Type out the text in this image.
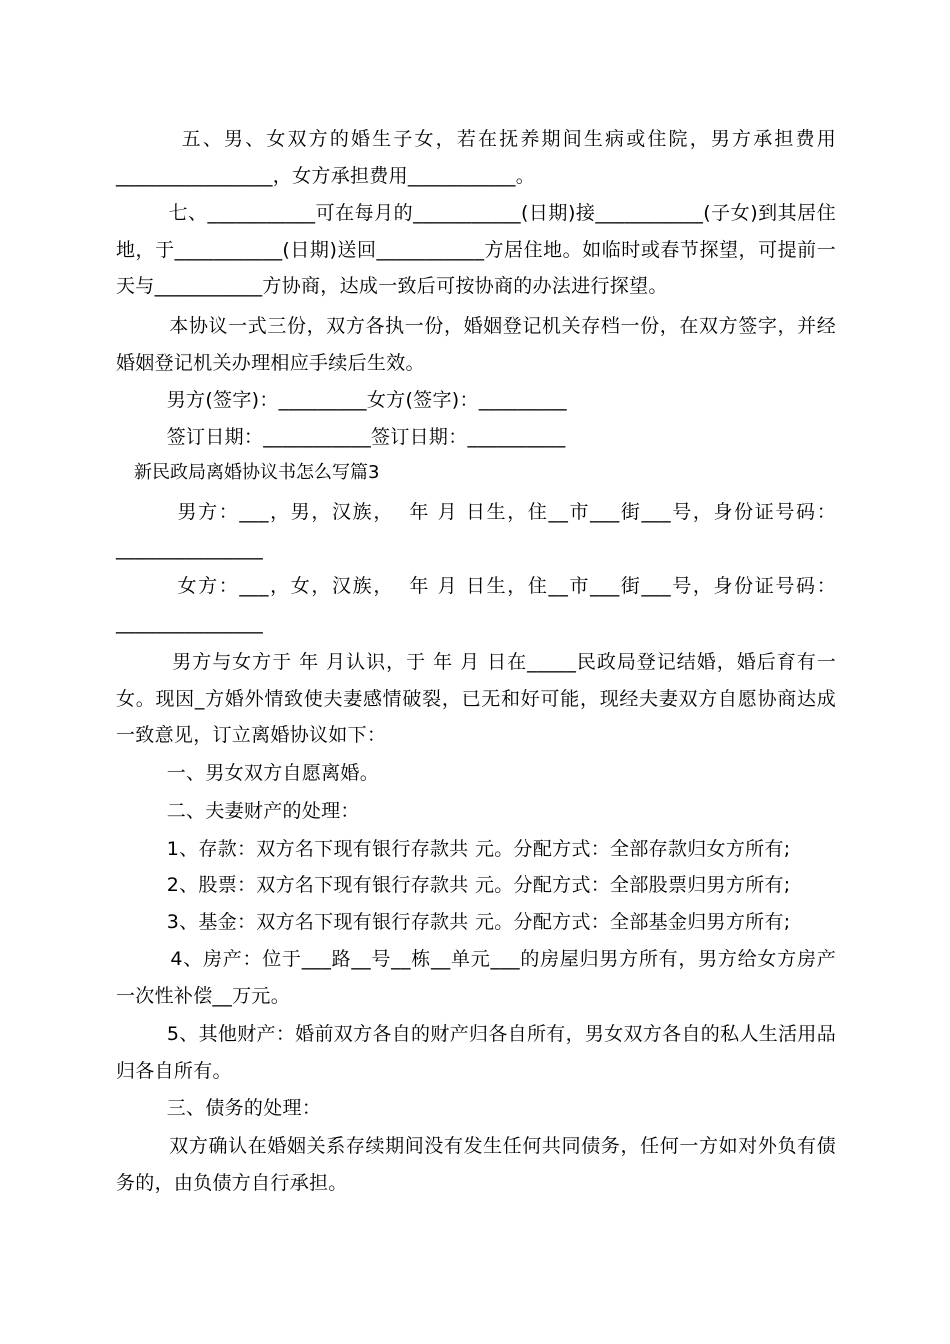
五、男、女双方的婚生子女，若在抚养期间生病或住院，男方承担费用________________，女方承担费用___________。
七、___________可在每月的___________(日期)接___________(子女)到其居住地，于___________(日期)送回___________方居住地。如临时或春节探望，可提前一天与___________方协商，达成一致后可按协商的办法进行探望。
本协议一式三份，双方各执一份，婚姻登记机关存档一份，在双方签字，并经婚姻登记机关办理相应手续后生效。
男方(签字)：_________女方(签字)：_________
签订日期：___________签订日期：__________
新民政局离婚协议书怎么写篇3
男方：___，男，汉族，  年 月 日生，住__市___街___号，身份证号码：_______________
女方：___，女，汉族，  年 月 日生，住__市___街___号，身份证号码：_______________
男方与女方于 年 月认识，于 年 月 日在_____民政局登记结婚，婚后育有一女。现因_方婚外情致使夫妻感情破裂，已无和好可能，现经夫妻双方自愿协商达成一致意见，订立离婚协议如下：
一、男女双方自愿离婚。
二、夫妻财产的处理：
1、存款：双方名下现有银行存款共 元。分配方式：全部存款归女方所有;
2、股票：双方名下现有银行存款共 元。分配方式：全部股票归男方所有;
3、基金：双方名下现有银行存款共 元。分配方式：全部基金归男方所有;
4、房产：位于___路__号__栋__单元___的房屋归男方所有，男方给女方房产一次性补偿__万元。
5、其他财产：婚前双方各自的财产归各自所有，男女双方各自的私人生活用品归各自所有。
三、债务的处理：
双方确认在婚姻关系存续期间没有发生任何共同债务，任何一方如对外负有债务的，由负债方自行承担。
